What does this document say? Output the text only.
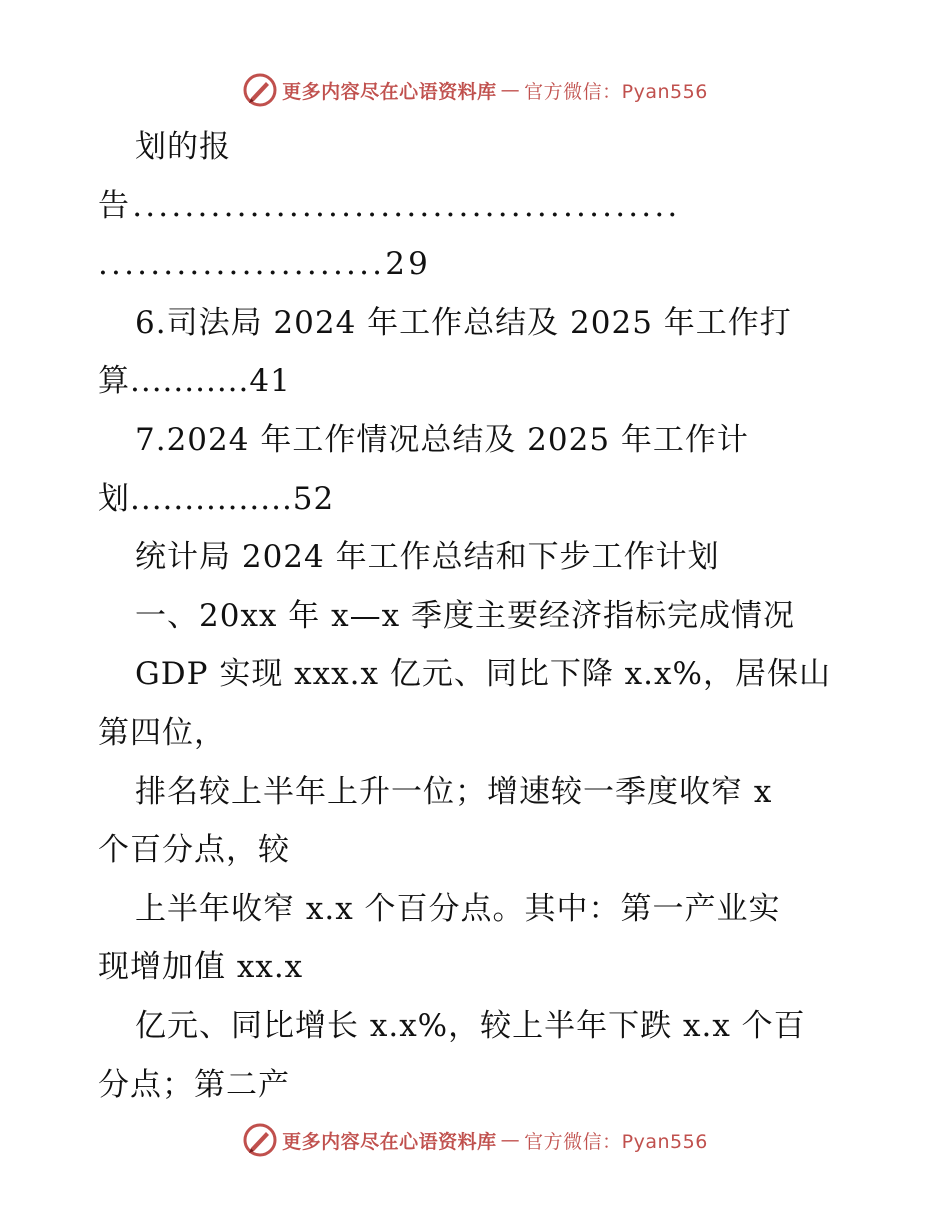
更多内容尽在心语资料库 — 官方微信：Pyan556
划的报
告..........................................
......................29
6.司法局 2024 年工作总结及 2025 年工作打
算...........41
7.2024 年工作情况总结及 2025 年工作计
划...............52
统计局 2024 年工作总结和下步工作计划
一、20xx 年 x—x 季度主要经济指标完成情况
GDP 实现 xxx.x 亿元、同比下降 x.x%，居保山
第四位，
排名较上半年上升一位；增速较一季度收窄 x
个百分点，较
上半年收窄 x.x 个百分点。其中：第一产业实
现增加值 xx.x
亿元、同比增长 x.x%，较上半年下跌 x.x 个百
分点；第二产
更多内容尽在心语资料库 — 官方微信：Pyan556
